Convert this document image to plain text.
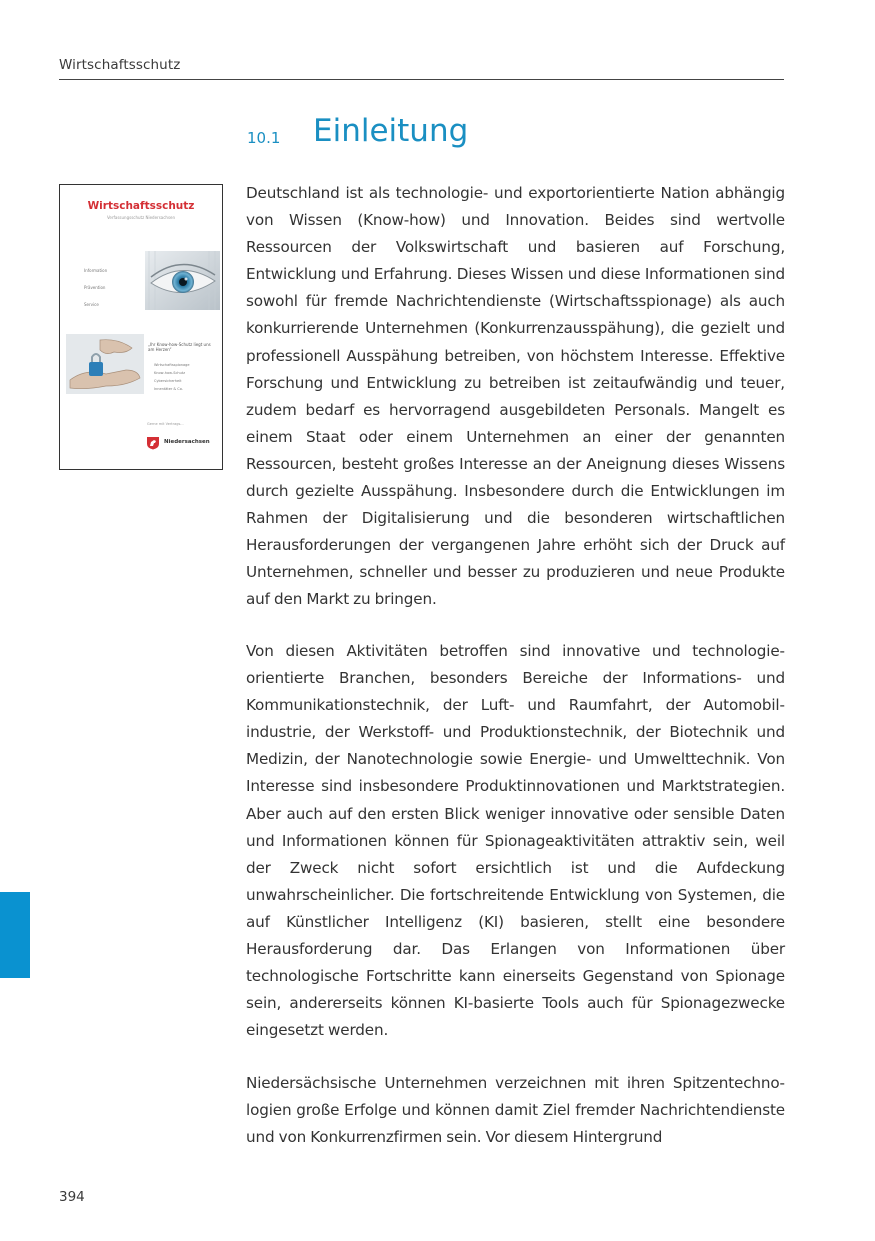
Wirtschaftsschutz
10.1 Einleitung
Wirtschaftsschutz
Verfassungsschutz Niedersachsen
Information
Prävention
Service
„Ihr Know-how-Schutz liegt uns am Herzen“
Wirtschaftsspionage
Know-how-Schutz
Cybersicherheit
Innentäter & Co.
Gerne mit Vertrags...
Niedersachsen

Deutschland ist als technologie- und exportorientierte Nation abhängig von Wissen (Know-how) und Innovation. Beides sind wertvolle Ressourcen der Volkswirtschaft und basieren auf Forschung, Entwicklung und Erfahrung. Dieses Wissen und diese Informationen sind sowohl für fremde Nachrichtendienste (Wirtschaftsspionage) als auch konkurrierende Unternehmen (Konkurrenzausspähung), die gezielt und professionell Ausspähung betreiben, von höchstem Interesse. Effektive Forschung und Entwicklung zu betreiben ist zeitaufwändig und teuer, zudem bedarf es hervorragend ausgebildeten Personals. Mangelt es einem Staat oder einem Unternehmen an einer der genannten Ressourcen, besteht großes Interesse an der Aneignung dieses Wissens durch gezielte Ausspähung. Insbesondere durch die Entwicklungen im Rahmen der Digitalisierung und die besonderen wirtschaftlichen Herausforderungen der vergangenen Jahre erhöht sich der Druck auf Unternehmen, schneller und besser zu produzieren und neue Produkte auf den Markt zu bringen.

Von diesen Aktivitäten betroffen sind innovative und technologieorientierte Branchen, besonders Bereiche der Informations- und Kommunikationstechnik, der Luft- und Raumfahrt, der Automobilindustrie, der Werkstoff- und Produktionstechnik, der Biotechnik und Medizin, der Nanotechnologie sowie Energie- und Umwelttechnik. Von Interesse sind insbesondere Produktinnovationen und Marktstrategien. Aber auch auf den ersten Blick weniger innovative oder sensible Daten und Informationen können für Spionageaktivitäten attraktiv sein, weil der Zweck nicht sofort ersichtlich ist und die Aufdeckung unwahrscheinlicher. Die fortschreitende Entwicklung von Systemen, die auf Künstlicher Intelligenz (KI) basieren, stellt eine besondere Herausforderung dar. Das Erlangen von Informationen über technologische Fortschritte kann einerseits Gegenstand von Spionage sein, andererseits können KI-basierte Tools auch für Spionagezwecke eingesetzt werden.

Niedersächsische Unternehmen verzeichnen mit ihren Spitzentechnologien große Erfolge und können damit Ziel fremder Nachrichtendienste und von Konkurrenzfirmen sein. Vor diesem Hintergrund

394
